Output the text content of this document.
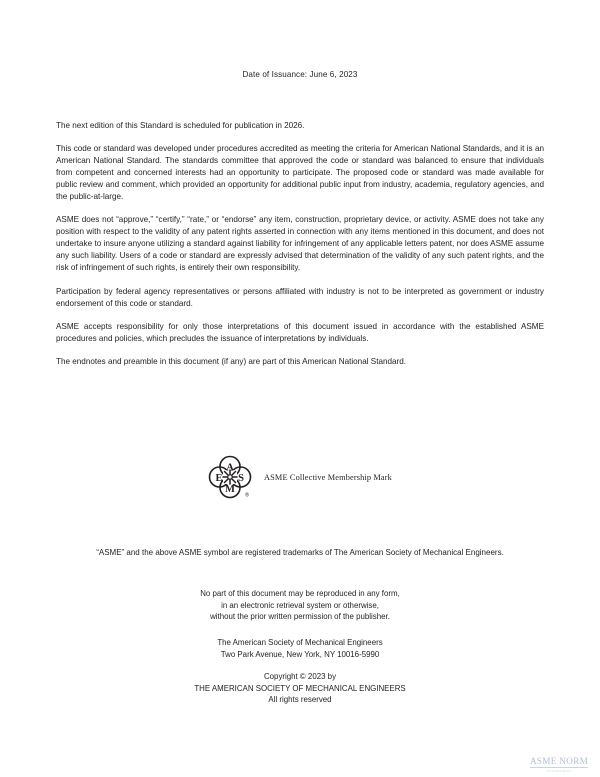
Date of Issuance: June 6, 2023

The next edition of this Standard is scheduled for publication in 2026.

This code or standard was developed under procedures accredited as meeting the criteria for American National Standards, and it is an American National Standard. The standards committee that approved the code or standard was balanced to ensure that individuals from competent and concerned interests had an opportunity to participate. The proposed code or standard was made available for public review and comment, which provided an opportunity for additional public input from industry, academia, regulatory agencies, and the public-at-large.

ASME does not “approve,” “certify,” “rate,” or “endorse” any item, construction, proprietary device, or activity. ASME does not take any position with respect to the validity of any patent rights asserted in connection with any items mentioned in this document, and does not undertake to insure anyone utilizing a standard against liability for infringement of any applicable letters patent, nor does ASME assume any such liability. Users of a code or standard are expressly advised that determination of the validity of any such patent rights, and the risk of infringement of such rights, is entirely their own responsibility.

Participation by federal agency representatives or persons affiliated with industry is not to be interpreted as government or industry endorsement of this code or standard.

ASME accepts responsibility for only those interpretations of this document issued in accordance with the established ASME procedures and policies, which precludes the issuance of interpretations by individuals.

The endnotes and preamble in this document (if any) are part of this American National Standard.

A
E S
M
®
ASME Collective Membership Mark
“ASME” and the above ASME symbol are registered trademarks of The American Society of Mechanical Engineers.
No part of this document may be reproduced in any form,
in an electronic retrieval system or otherwise,
without the prior written permission of the publisher.
The American Society of Mechanical Engineers
Two Park Avenue, New York, NY 10016-5990
Copyright © 2023 by
THE AMERICAN SOCIETY OF MECHANICAL ENGINEERS
All rights reserved
ASME NORM
STANDARDS
